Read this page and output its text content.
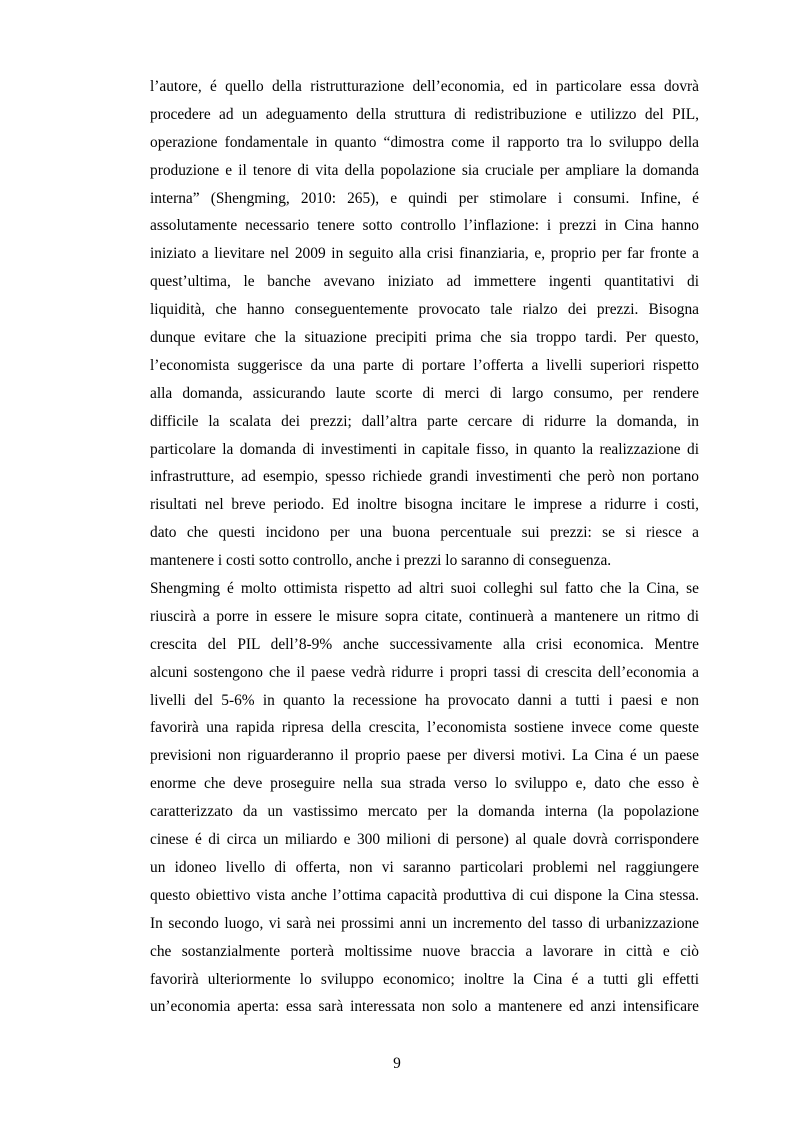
l’autore, é quello della ristrutturazione dell’economia, ed in particolare essa dovrà
procedere ad un adeguamento della struttura di redistribuzione e utilizzo del PIL,
operazione fondamentale in quanto “dimostra come il rapporto tra lo sviluppo della
produzione e il tenore di vita della popolazione sia cruciale per ampliare la domanda
interna” (Shengming, 2010: 265), e quindi per stimolare i consumi. Infine, é
assolutamente necessario tenere sotto controllo l’inflazione: i prezzi in Cina hanno
iniziato a lievitare nel 2009 in seguito alla crisi finanziaria, e, proprio per far fronte a
quest’ultima, le banche avevano iniziato ad immettere ingenti quantitativi di
liquidità, che hanno conseguentemente provocato tale rialzo dei prezzi. Bisogna
dunque evitare che la situazione precipiti prima che sia troppo tardi. Per questo,
l’economista suggerisce da una parte di portare l’offerta a livelli superiori rispetto
alla domanda, assicurando laute scorte di merci di largo consumo, per rendere
difficile la scalata dei prezzi; dall’altra parte cercare di ridurre la domanda, in
particolare la domanda di investimenti in capitale fisso, in quanto la realizzazione di
infrastrutture, ad esempio, spesso richiede grandi investimenti che però non portano
risultati nel breve periodo. Ed inoltre bisogna incitare le imprese a ridurre i costi,
dato che questi incidono per una buona percentuale sui prezzi: se si riesce a
mantenere i costi sotto controllo, anche i prezzi lo saranno di conseguenza.
Shengming é molto ottimista rispetto ad altri suoi colleghi sul fatto che la Cina, se
riuscirà a porre in essere le misure sopra citate, continuerà a mantenere un ritmo di
crescita del PIL dell’8-9% anche successivamente alla crisi economica. Mentre
alcuni sostengono che il paese vedrà ridurre i propri tassi di crescita dell’economia a
livelli del 5-6% in quanto la recessione ha provocato danni a tutti i paesi e non
favorirà una rapida ripresa della crescita, l’economista sostiene invece come queste
previsioni non riguarderanno il proprio paese per diversi motivi. La Cina é un paese
enorme che deve proseguire nella sua strada verso lo sviluppo e, dato che esso è
caratterizzato da un vastissimo mercato per la domanda interna (la popolazione
cinese é di circa un miliardo e 300 milioni di persone) al quale dovrà corrispondere
un idoneo livello di offerta, non vi saranno particolari problemi nel raggiungere
questo obiettivo vista anche l’ottima capacità produttiva di cui dispone la Cina stessa.
In secondo luogo, vi sarà nei prossimi anni un incremento del tasso di urbanizzazione
che sostanzialmente porterà moltissime nuove braccia a lavorare in città e ciò
favorirà ulteriormente lo sviluppo economico; inoltre la Cina é a tutti gli effetti
un’economia aperta: essa sarà interessata non solo a mantenere ed anzi intensificare
9
